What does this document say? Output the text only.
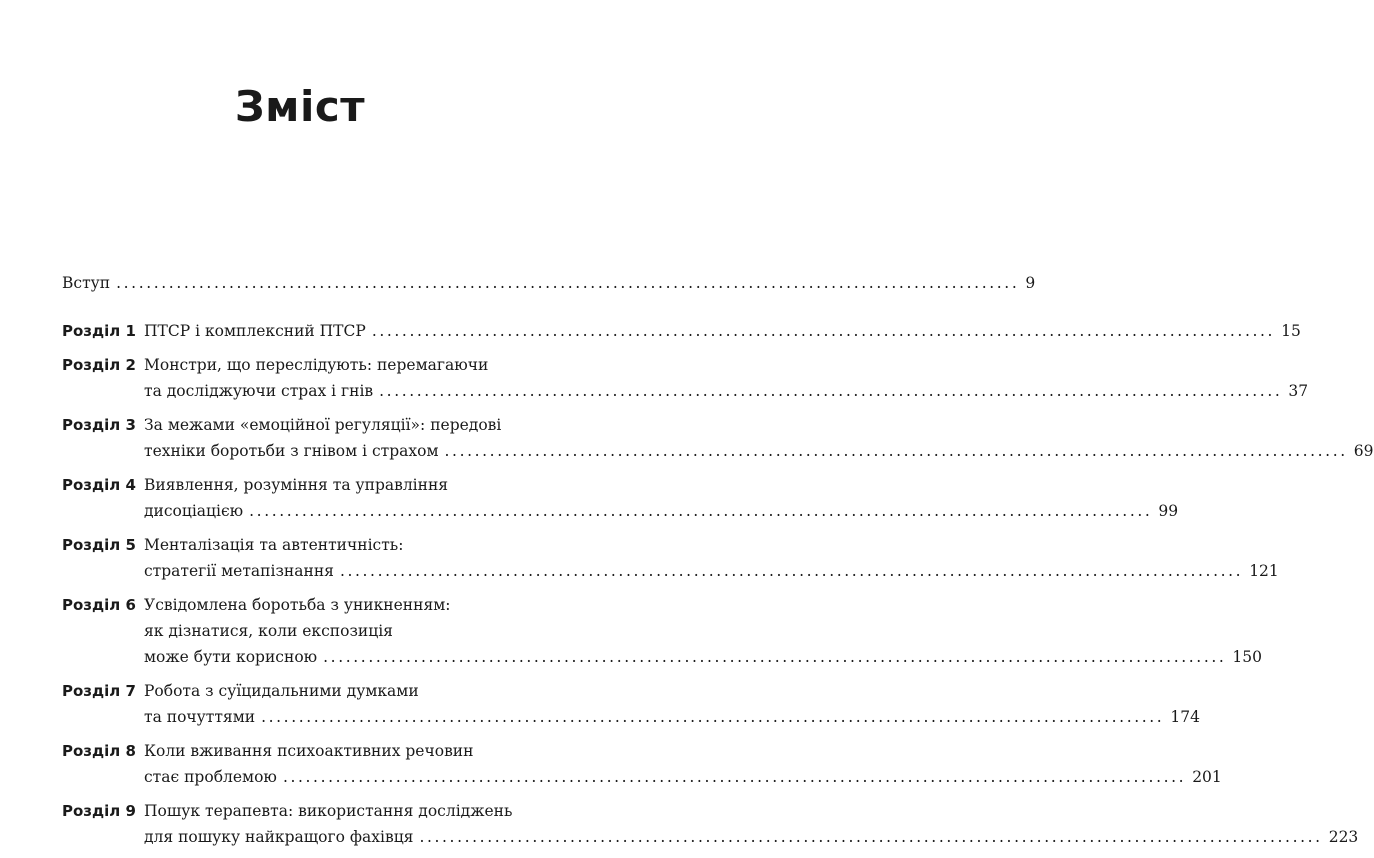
Зміст
Вступ ........................................................................................................................ 9
Розділ 1 ПТСР і комплексний ПТСР ........................................................................................................................ 15
Розділ 2 Монстри, що переслідують: перемагаючи
та досліджуючи страх і гнів ........................................................................................................................ 37
Розділ 3 За межами «емоційної регуляції»: передові
техніки боротьби з гнівом і страхом ........................................................................................................................ 69
Розділ 4 Виявлення, розуміння та управління
дисоціацією ........................................................................................................................ 99
Розділ 5 Менталізація та автентичність:
стратегії метапізнання ........................................................................................................................ 121
Розділ 6 Усвідомлена боротьба з уникненням:
як дізнатися, коли експозиція
може бути корисною ........................................................................................................................ 150
Розділ 7 Робота з суїцидальними думками
та почуттями ........................................................................................................................ 174
Розділ 8 Коли вживання психоактивних речовин
стає проблемою ........................................................................................................................ 201
Розділ 9 Пошук терапевта: використання досліджень
для пошуку найкращого фахівця ........................................................................................................................ 223
